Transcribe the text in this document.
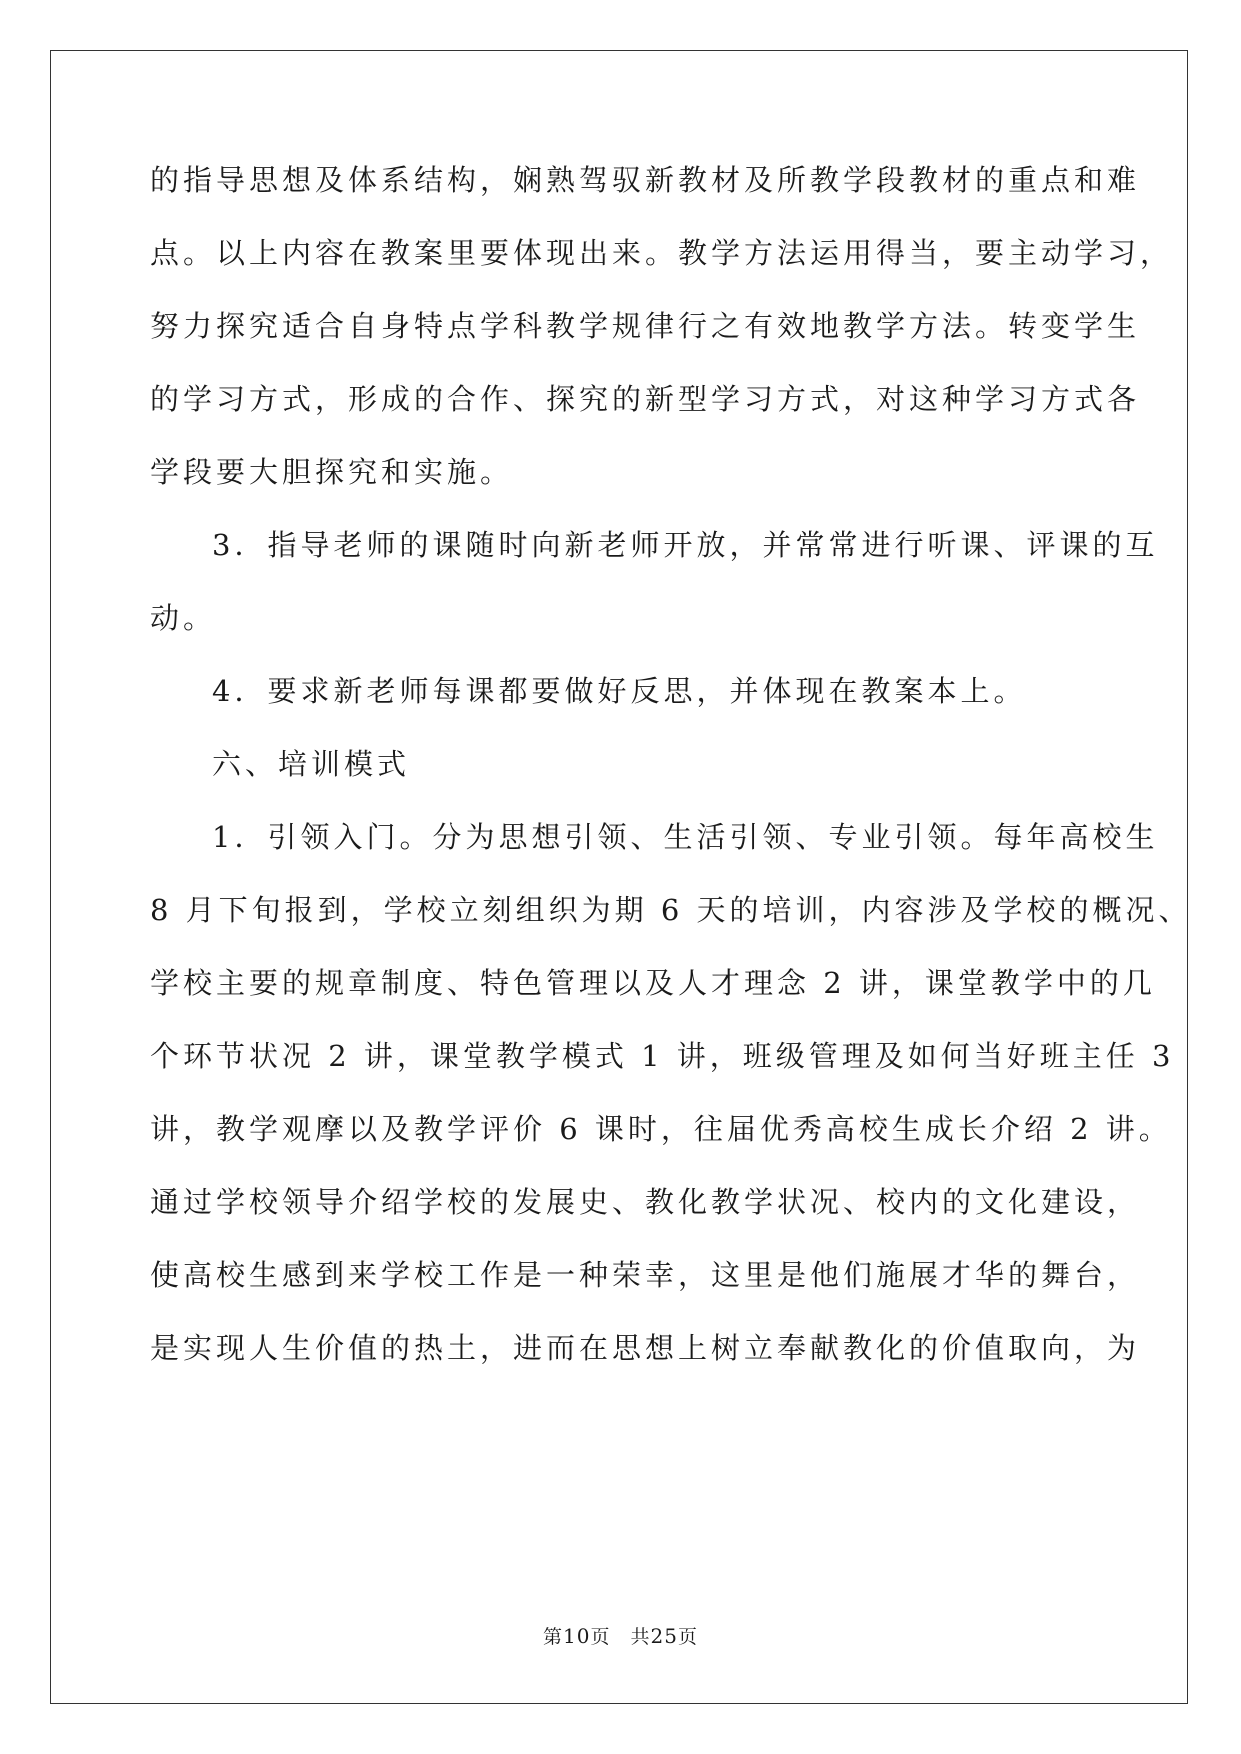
的指导思想及体系结构，娴熟驾驭新教材及所教学段教材的重点和难
点。以上内容在教案里要体现出来。教学方法运用得当，要主动学习，
努力探究适合自身特点学科教学规律行之有效地教学方法。转变学生
的学习方式，形成的合作、探究的新型学习方式，对这种学习方式各
学段要大胆探究和实施。
3．指导老师的课随时向新老师开放，并常常进行听课、评课的互
动。
4．要求新老师每课都要做好反思，并体现在教案本上。
六、培训模式
1．引领入门。分为思想引领、生活引领、专业引领。每年高校生
8 月下旬报到，学校立刻组织为期 6 天的培训，内容涉及学校的概况、
学校主要的规章制度、特色管理以及人才理念 2 讲，课堂教学中的几
个环节状况 2 讲，课堂教学模式 1 讲，班级管理及如何当好班主任 3
讲，教学观摩以及教学评价 6 课时，往届优秀高校生成长介绍 2 讲。
通过学校领导介绍学校的发展史、教化教学状况、校内的文化建设，
使高校生感到来学校工作是一种荣幸，这里是他们施展才华的舞台，
是实现人生价值的热土，进而在思想上树立奉献教化的价值取向，为
第10页　共25页
